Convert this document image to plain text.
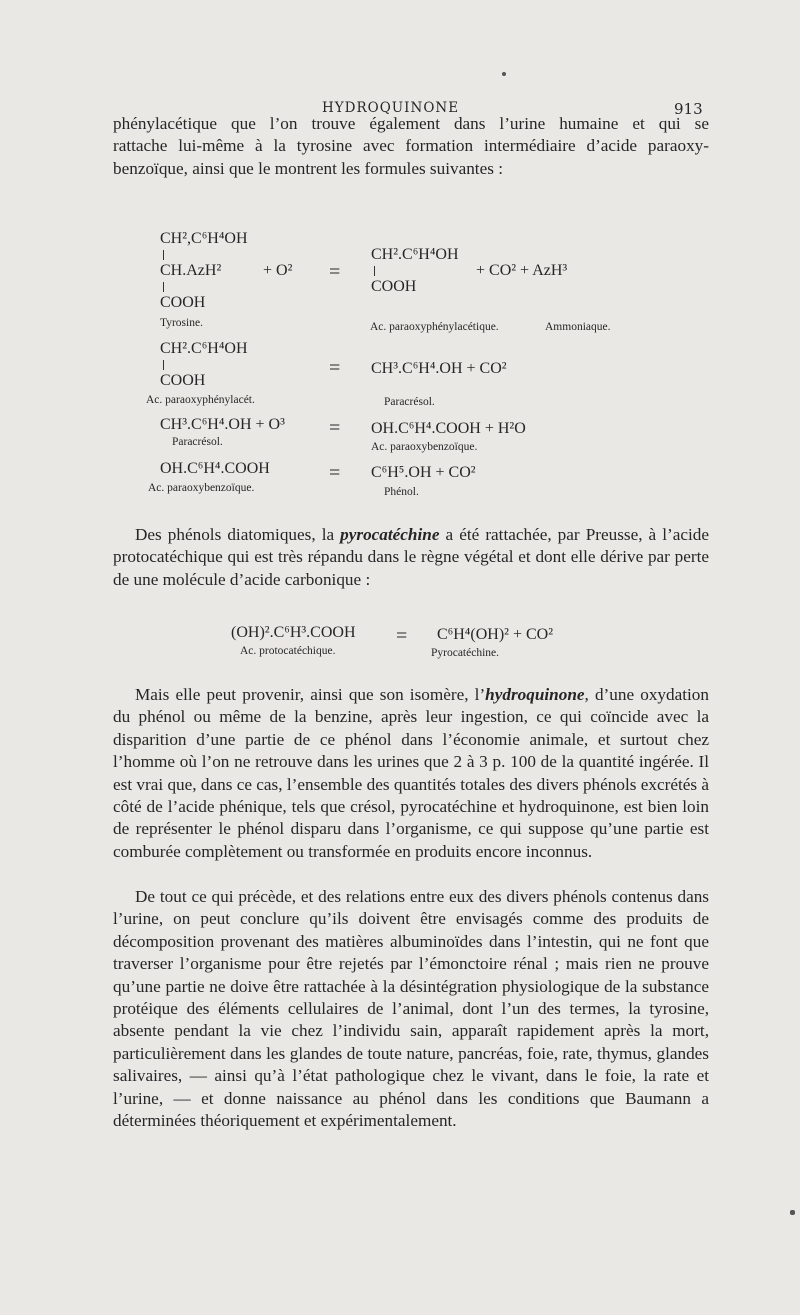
HYDROQUINONE	913
phénylacétique que l’on trouve également dans l’urine humaine et qui se
rattache lui-même à la tyrosine avec formation intermédiaire d’acide paraoxy-
benzoïque, ainsi que le montrent les formules suivantes :
CH²,C⁶H⁴OH
CH.AzH²
COOH
Tyrosine.
+ O² =
CH².C⁶H⁴OH
COOH
+ CO² + AzH³
Ac. paraoxyphénylacétique.	Ammoniaque.
CH².C⁶H⁴OH
COOH
Ac. paraoxyphénylacét.
= CH³.C⁶H⁴.OH + CO²
Paracrésol.
CH³.C⁶H⁴.OH + O³
Paracrésol.
= OH.C⁶H⁴.COOH + H²O
Ac. paraoxybenzoïque.
OH.C⁶H⁴.COOH
Ac. paraoxybenzoïque.
= C⁶H⁵.OH + CO²
Phénol.

Des phénols diatomiques, la pyrocatéchine a été rattachée, par Preusse, à l’acide protocatéchique qui est très répandu dans le règne végétal et dont elle dérive par perte de une molécule d’acide carbonique :

(OH)².C⁶H³.COOH
Ac. protocatéchique.
= C⁶H⁴(OH)² + CO²
Pyrocatéchine.

Mais elle peut provenir, ainsi que son isomère, l’hydroquinone, d’une oxydation du phénol ou même de la benzine, après leur ingestion, ce qui coïncide avec la disparition d’une partie de ce phénol dans l’économie animale, et surtout chez l’homme où l’on ne retrouve dans les urines que 2 à 3 p. 100 de la quantité ingérée. Il est vrai que, dans ce cas, l’ensemble des quantités totales des divers phénols excrétés à côté de l’acide phénique, tels que crésol, pyrocatéchine et hydroquinone, est bien loin de représenter le phénol disparu dans l’organisme, ce qui suppose qu’une partie est comburée complètement ou transformée en produits encore inconnus.

De tout ce qui précède, et des relations entre eux des divers phénols contenus dans l’urine, on peut conclure qu’ils doivent être envisagés comme des produits de décomposition provenant des matières albuminoïdes dans l’intestin, qui ne font que traverser l’organisme pour être rejetés par l’émonctoire rénal ; mais rien ne prouve qu’une partie ne doive être rattachée à la désintégration physiologique de la substance protéique des éléments cellulaires de l’animal, dont l’un des termes, la tyrosine, absente pendant la vie chez l’individu sain, apparaît rapidement après la mort, particulièrement dans les glandes de toute nature, pancréas, foie, rate, thymus, glandes salivaires, — ainsi qu’à l’état pathologique chez le vivant, dans le foie, la rate et l’urine, — et donne naissance au phénol dans les conditions que Baumann a déterminées théoriquement et expérimentalement.
